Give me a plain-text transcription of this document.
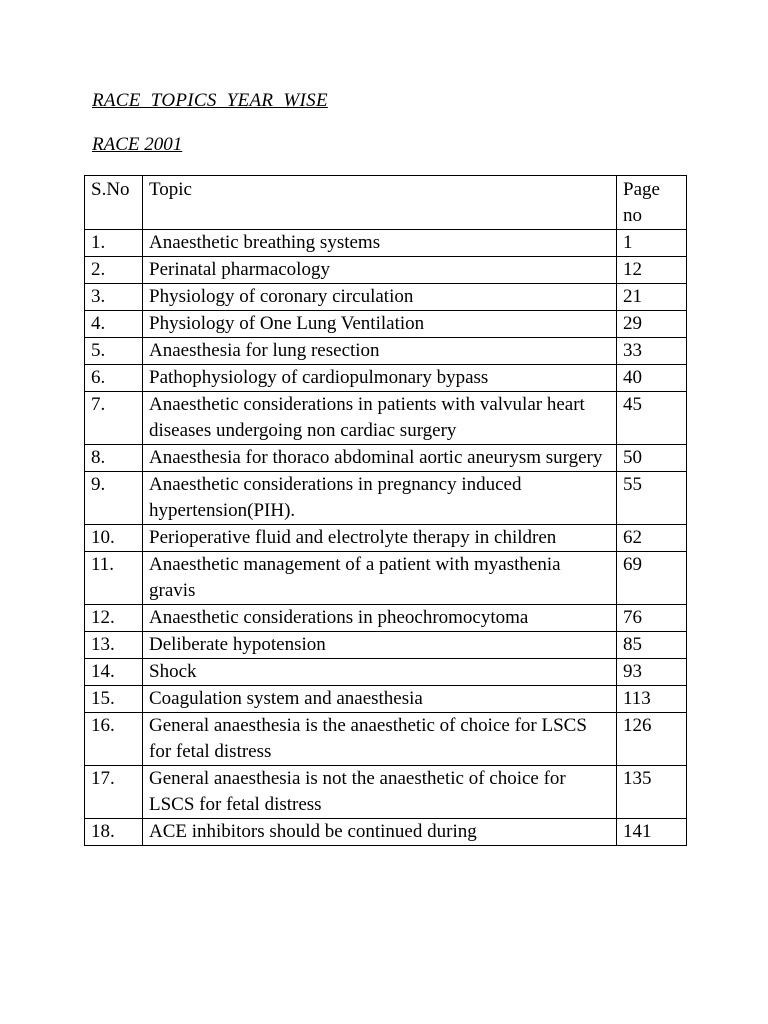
RACE  TOPICS  YEAR  WISE
RACE 2001
S.No	Topic	Page no
1.	Anaesthetic breathing systems	1
2.	Perinatal pharmacology	12
3.	Physiology of coronary circulation	21
4.	Physiology of One Lung Ventilation	29
5.	Anaesthesia for lung resection	33
6.	Pathophysiology of cardiopulmonary bypass	40
7.	Anaesthetic considerations in patients with valvular heart diseases undergoing non cardiac surgery	45
8.	Anaesthesia for thoraco abdominal aortic aneurysm surgery	50
9.	Anaesthetic considerations in pregnancy induced hypertension(PIH).	55
10.	Perioperative fluid and electrolyte therapy in children	62
11.	Anaesthetic management of a patient with myasthenia gravis	69
12.	Anaesthetic considerations in pheochromocytoma	76
13.	Deliberate hypotension	85
14.	Shock	93
15.	Coagulation system and anaesthesia	113
16.	General anaesthesia is the anaesthetic of choice for LSCS for fetal distress	126
17.	General anaesthesia is not the anaesthetic of choice for LSCS for fetal distress	135
18.	ACE inhibitors should be continued during	141
